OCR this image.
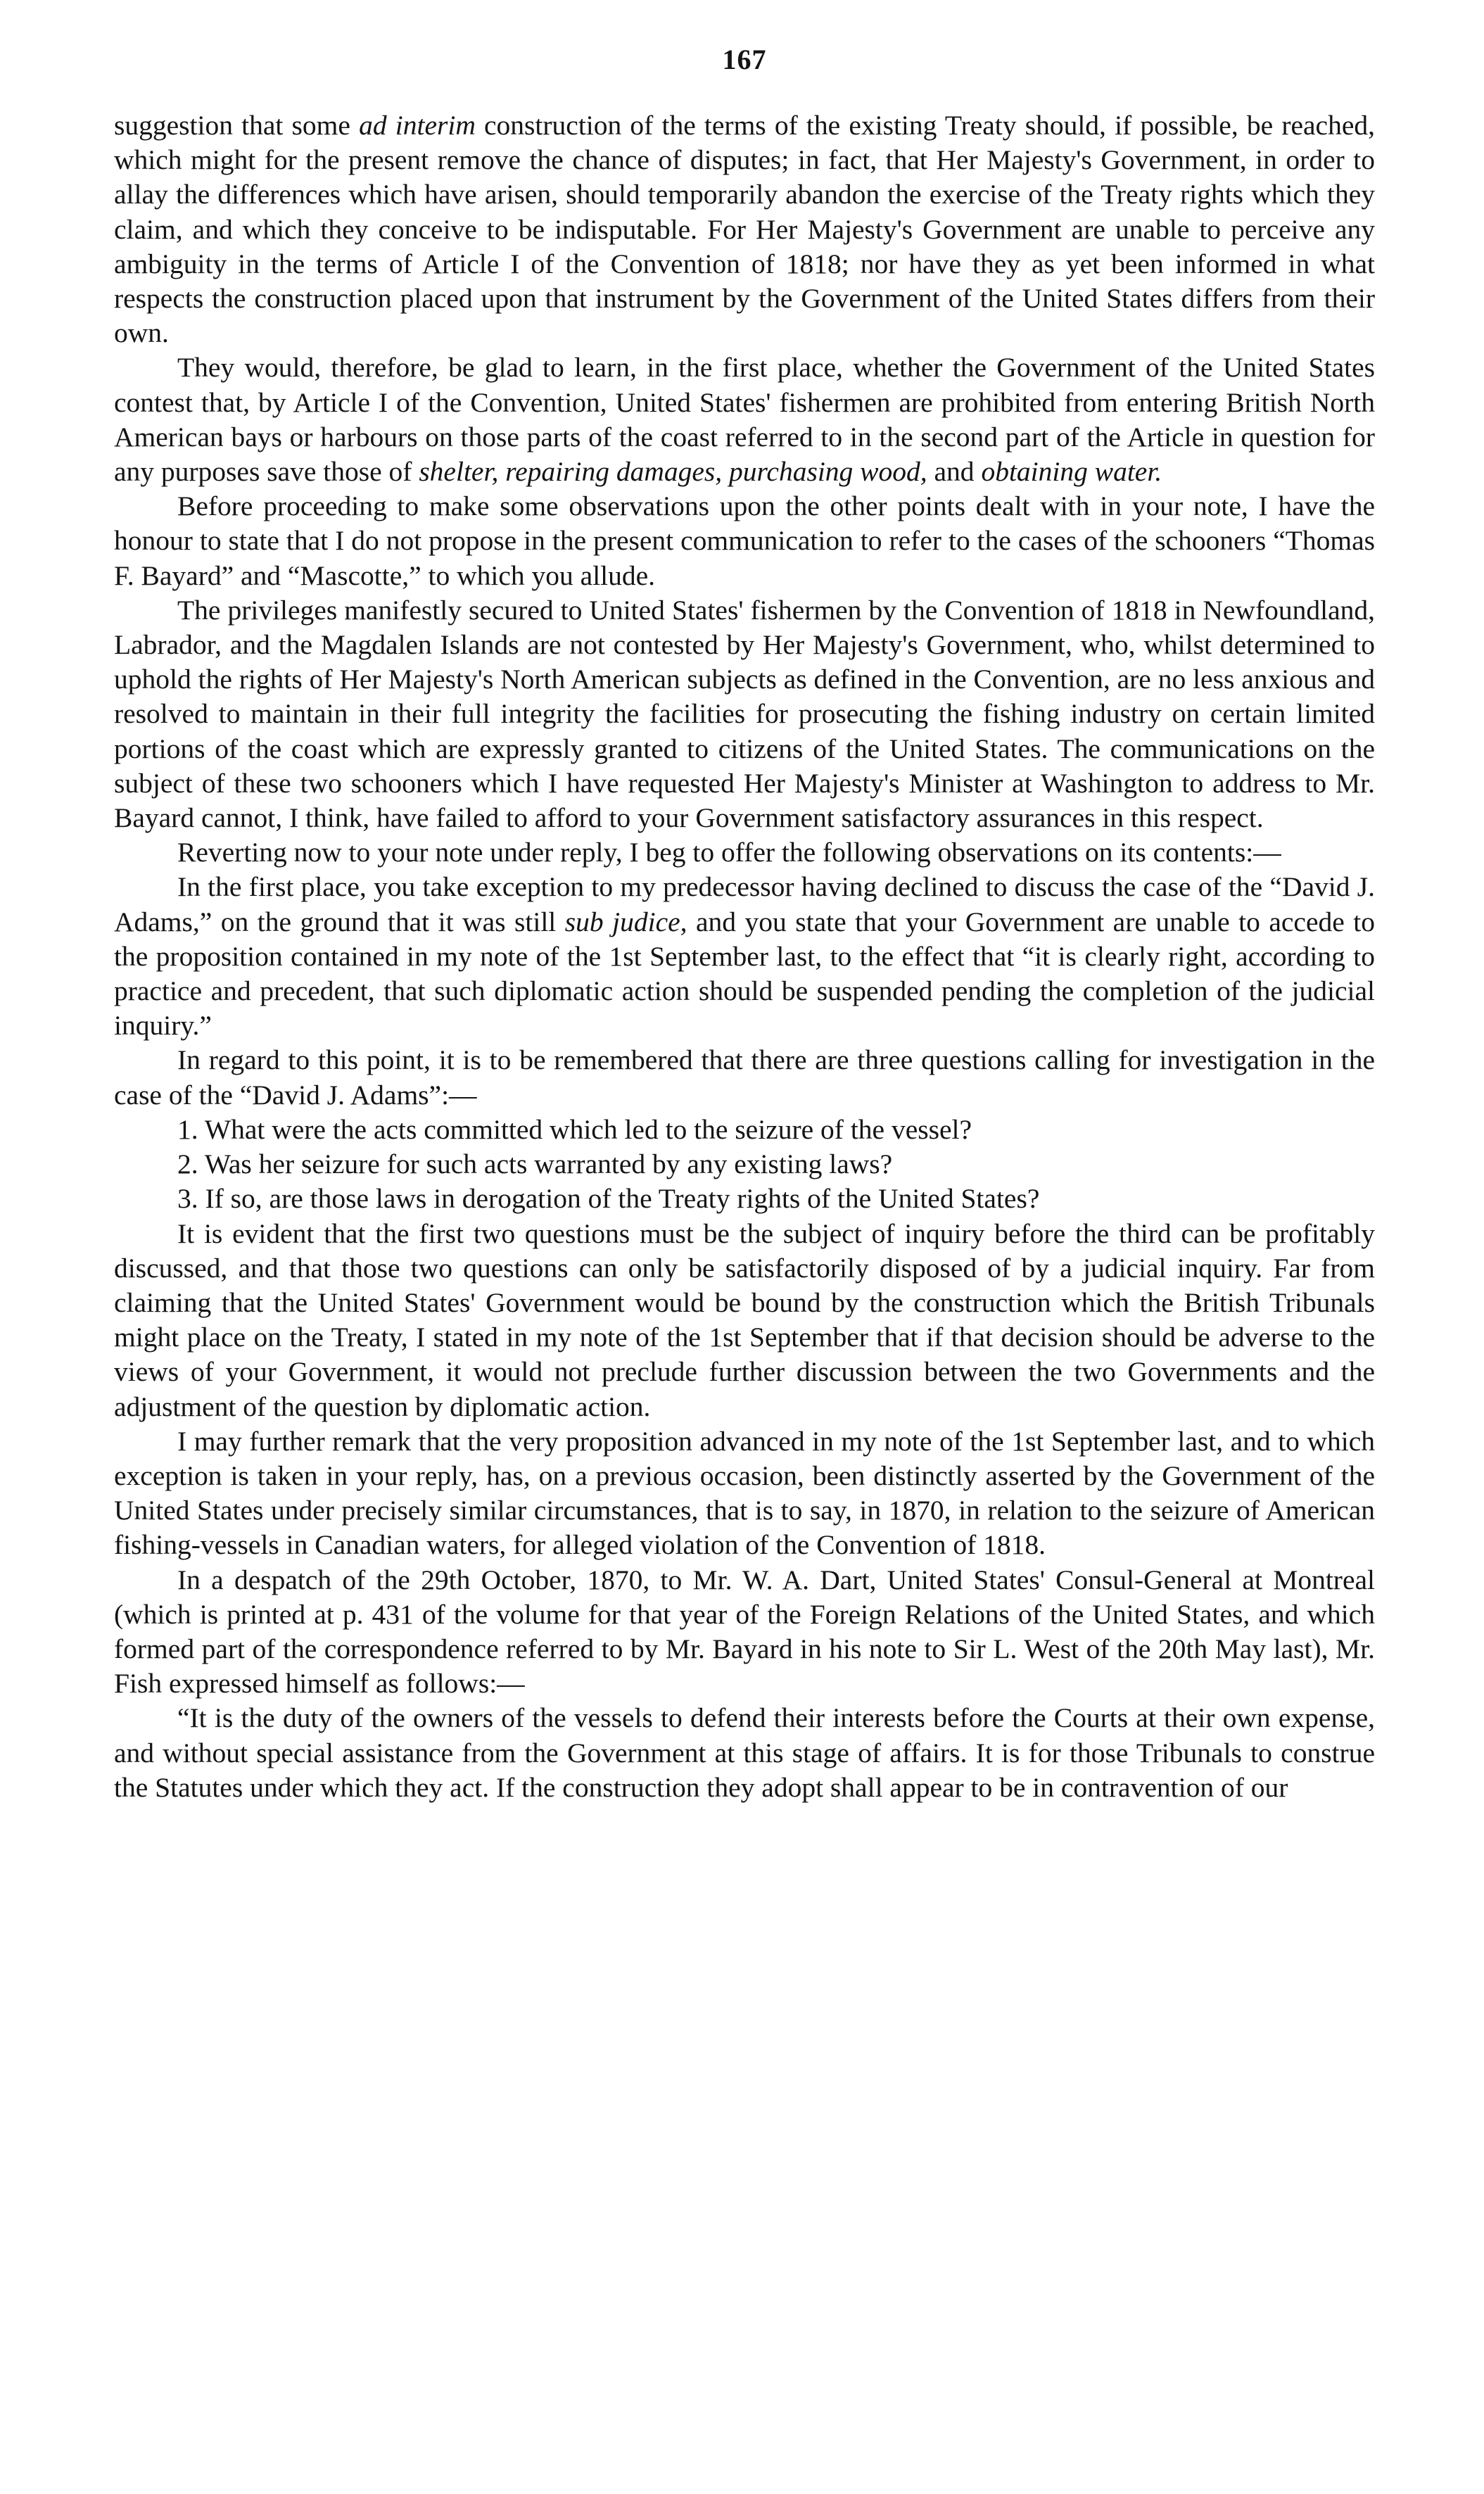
167

suggestion that some ad interim construction of the terms of the existing Treaty should, if possible, be reached, which might for the present remove the chance of disputes; in fact, that Her Majesty's Government, in order to allay the differences which have arisen, should temporarily abandon the exercise of the Treaty rights which they claim, and which they conceive to be indisputable. For Her Majesty's Government are unable to perceive any ambiguity in the terms of Article I of the Convention of 1818; nor have they as yet been informed in what respects the construction placed upon that instrument by the Government of the United States differs from their own.

They would, therefore, be glad to learn, in the first place, whether the Government of the United States contest that, by Article I of the Convention, United States' fishermen are prohibited from entering British North American bays or harbours on those parts of the coast referred to in the second part of the Article in question for any purposes save those of shelter, repairing damages, purchasing wood, and obtaining water.

Before proceeding to make some observations upon the other points dealt with in your note, I have the honour to state that I do not propose in the present communication to refer to the cases of the schooners “Thomas F. Bayard” and “Mascotte,” to which you allude.

The privileges manifestly secured to United States' fishermen by the Convention of 1818 in Newfoundland, Labrador, and the Magdalen Islands are not contested by Her Majesty's Government, who, whilst determined to uphold the rights of Her Majesty's North American subjects as defined in the Convention, are no less anxious and resolved to maintain in their full integrity the facilities for prosecuting the fishing industry on certain limited portions of the coast which are expressly granted to citizens of the United States. The communications on the subject of these two schooners which I have requested Her Majesty's Minister at Washington to address to Mr. Bayard cannot, I think, have failed to afford to your Government satisfactory assurances in this respect.

Reverting now to your note under reply, I beg to offer the following observations on its contents:—

In the first place, you take exception to my predecessor having declined to discuss the case of the “David J. Adams,” on the ground that it was still sub judice, and you state that your Government are unable to accede to the proposition contained in my note of the 1st September last, to the effect that “it is clearly right, according to practice and precedent, that such diplomatic action should be suspended pending the completion of the judicial inquiry.”

In regard to this point, it is to be remembered that there are three questions calling for investigation in the case of the “David J. Adams”:—

1. What were the acts committed which led to the seizure of the vessel?

2. Was her seizure for such acts warranted by any existing laws?

3. If so, are those laws in derogation of the Treaty rights of the United States?

It is evident that the first two questions must be the subject of inquiry before the third can be profitably discussed, and that those two questions can only be satisfactorily disposed of by a judicial inquiry. Far from claiming that the United States' Government would be bound by the construction which the British Tribunals might place on the Treaty, I stated in my note of the 1st September that if that decision should be adverse to the views of your Government, it would not preclude further discussion between the two Governments and the adjustment of the question by diplomatic action.

I may further remark that the very proposition advanced in my note of the 1st September last, and to which exception is taken in your reply, has, on a previous occasion, been distinctly asserted by the Government of the United States under precisely similar circumstances, that is to say, in 1870, in relation to the seizure of American fishing-vessels in Canadian waters, for alleged violation of the Convention of 1818.

In a despatch of the 29th October, 1870, to Mr. W. A. Dart, United States' Consul-General at Montreal (which is printed at p. 431 of the volume for that year of the Foreign Relations of the United States, and which formed part of the correspondence referred to by Mr. Bayard in his note to Sir L. West of the 20th May last), Mr. Fish expressed himself as follows:—

“It is the duty of the owners of the vessels to defend their interests before the Courts at their own expense, and without special assistance from the Government at this stage of affairs. It is for those Tribunals to construe the Statutes under which they act. If the construction they adopt shall appear to be in contravention of our
